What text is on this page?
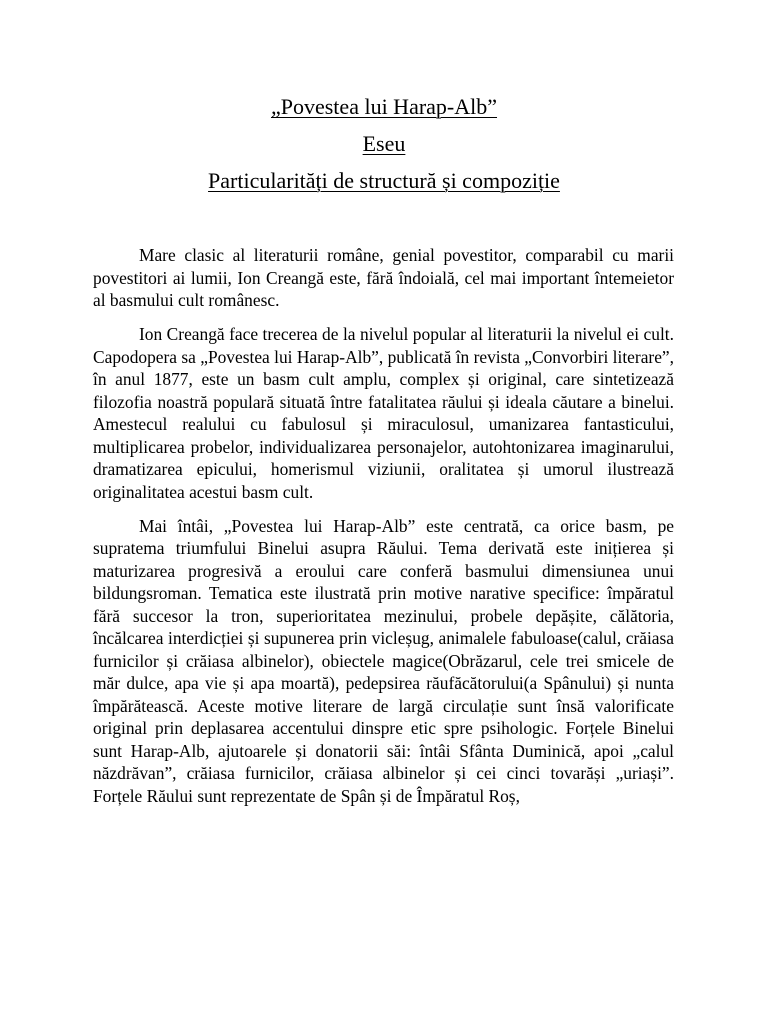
„Povestea lui Harap-Alb”

Eseu

Particularități de structură și compoziție

Mare clasic al literaturii române, genial povestitor, comparabil cu marii povestitori ai lumii, Ion Creangă este, fără îndoială, cel mai important întemeietor al basmului cult românesc.

Ion Creangă face trecerea de la nivelul popular al literaturii la nivelul ei cult. Capodopera sa „Povestea lui Harap-Alb”, publicată în revista „Convorbiri literare”, în anul 1877, este un basm cult amplu, complex și original, care sintetizează filozofia noastră populară situată între fatalitatea răului și ideala căutare a binelui. Amestecul realului cu fabulosul și miraculosul, umanizarea fantasticului, multiplicarea probelor, individualizarea personajelor, autohtonizarea imaginarului, dramatizarea epicului, homerismul viziunii, oralitatea și umorul ilustrează originalitatea acestui basm cult.

Mai întâi, „Povestea lui Harap-Alb” este centrată, ca orice basm, pe supratema triumfului Binelui asupra Răului. Tema derivată este inițierea și maturizarea progresivă a eroului care conferă basmului dimensiunea unui bildungsroman. Tematica este ilustrată prin motive narative specifice: împăratul fără succesor la tron, superioritatea mezinului, probele depășite, călătoria, încălcarea interdicției și supunerea prin vicleșug, animalele fabuloase(calul, crăiasa furnicilor și crăiasa albinelor), obiectele magice(Obrăzarul, cele trei smicele de măr dulce, apa vie și apa moartă), pedepsirea răufăcătorului(a Spânului) și nunta împărătească. Aceste motive literare de largă circulație sunt însă valorificate original prin deplasarea accentului dinspre etic spre psihologic. Forțele Binelui sunt Harap-Alb, ajutoarele și donatorii săi: întâi Sfânta Duminică, apoi „calul năzdrăvan”, crăiasa furnicilor, crăiasa albinelor și cei cinci tovarăși „uriași”. Forțele Răului sunt reprezentate de Spân și de Împăratul Roș,
